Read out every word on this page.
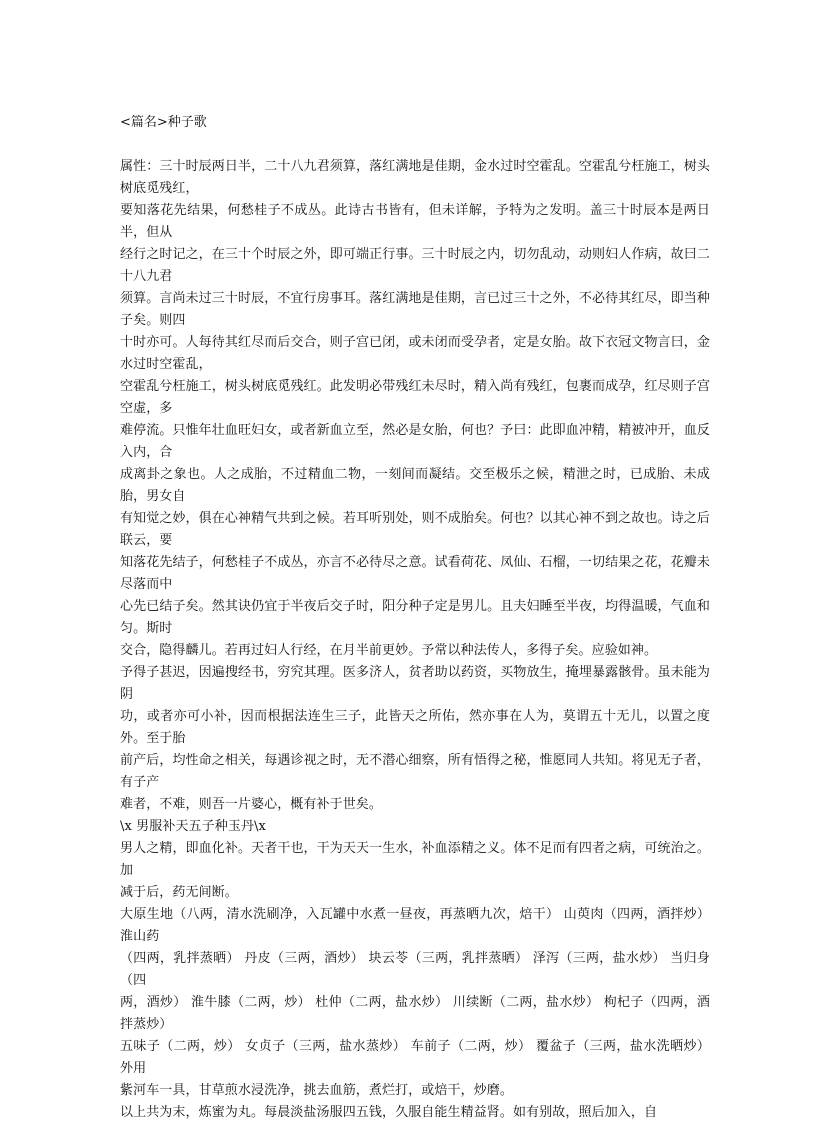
<篇名>种子歌

属性：三十时辰两日半，二十八九君须算，落红满地是佳期，金水过时空霍乱。空霍乱兮枉施工，树头树底觅残红，

要知落花先结果，何愁桂子不成丛。此诗古书皆有，但未详解，予特为之发明。盖三十时辰本是两日半，但从

经行之时记之，在三十个时辰之外，即可端正行事。三十时辰之内，切勿乱动，动则妇人作病，故曰二十八九君

须算。言尚未过三十时辰，不宜行房事耳。落红满地是佳期，言已过三十之外，不必待其红尽，即当种子矣。则四

十时亦可。人每待其红尽而后交合，则子宫已闭，或未闭而受孕者，定是女胎。故下衣冠文物言曰，金水过时空霍乱，

空霍乱兮枉施工，树头树底觅残红。此发明必带残红未尽时，精入尚有残红，包裹而成孕，红尽则子宫空虚，多

难停流。只惟年壮血旺妇女，或者新血立至，然必是女胎，何也？予曰：此即血冲精，精被冲开，血反入内，合

成离卦之象也。人之成胎，不过精血二物，一刻间而凝结。交至极乐之候，精泄之时，已成胎、未成胎，男女自

有知觉之妙，俱在心神精气共到之候。若耳听别处，则不成胎矣。何也？以其心神不到之故也。诗之后联云，要

知落花先结子，何愁桂子不成丛，亦言不必待尽之意。试看荷花、凤仙、石榴，一切结果之花，花瓣未尽落而中

心先已结子矣。然其诀仍宜于半夜后交子时，阳分种子定是男儿。且夫妇睡至半夜，均得温暖，气血和匀。斯时

交合，隐得麟儿。若再过妇人行经，在月半前更妙。予常以种法传人，多得子矣。应验如神。

予得子甚迟，因遍搜经书，穷究其理。医多济人，贫者助以药资，买物放生，掩埋暴露骸骨。虽未能为阴

功，或者亦可小补，因而根据法连生三子，此皆天之所佑，然亦事在人为，莫谓五十无儿，以置之度外。至于胎

前产后，均性命之相关，每遇诊视之时，无不潜心细察，所有悟得之秘，惟愿同人共知。将见无子者，有子产

难者，不难，则吾一片婆心，概有补于世矣。

\x 男服补天五子种玉丹\x

男人之精，即血化补。天者干也，干为天天一生水，补血添精之义。体不足而有四者之病，可统治之。加

减于后，药无间断。

大原生地（八两，清水洗刷净，入瓦罐中水煮一昼夜，再蒸晒九次，焙干） 山萸肉（四两，酒拌炒） 淮山药

（四两，乳拌蒸晒） 丹皮（三两，酒炒） 块云苓（三两，乳拌蒸晒） 泽泻（三两，盐水炒） 当归身（四

两，酒炒） 淮牛膝（二两，炒） 杜仲（二两，盐水炒） 川续断（二两，盐水炒） 枸杞子（四两，酒拌蒸炒）

五味子（二两，炒） 女贞子（三两，盐水蒸炒） 车前子（二两，炒） 覆盆子（三两，盐水洗晒炒） 外用

紫河车一具，甘草煎水浸洗净，挑去血筋，煮烂打，或焙干，炒磨。

以上共为末，炼蜜为丸。每晨淡盐汤服四五钱，久服自能生精益肾。如有别故，照后加入，自
